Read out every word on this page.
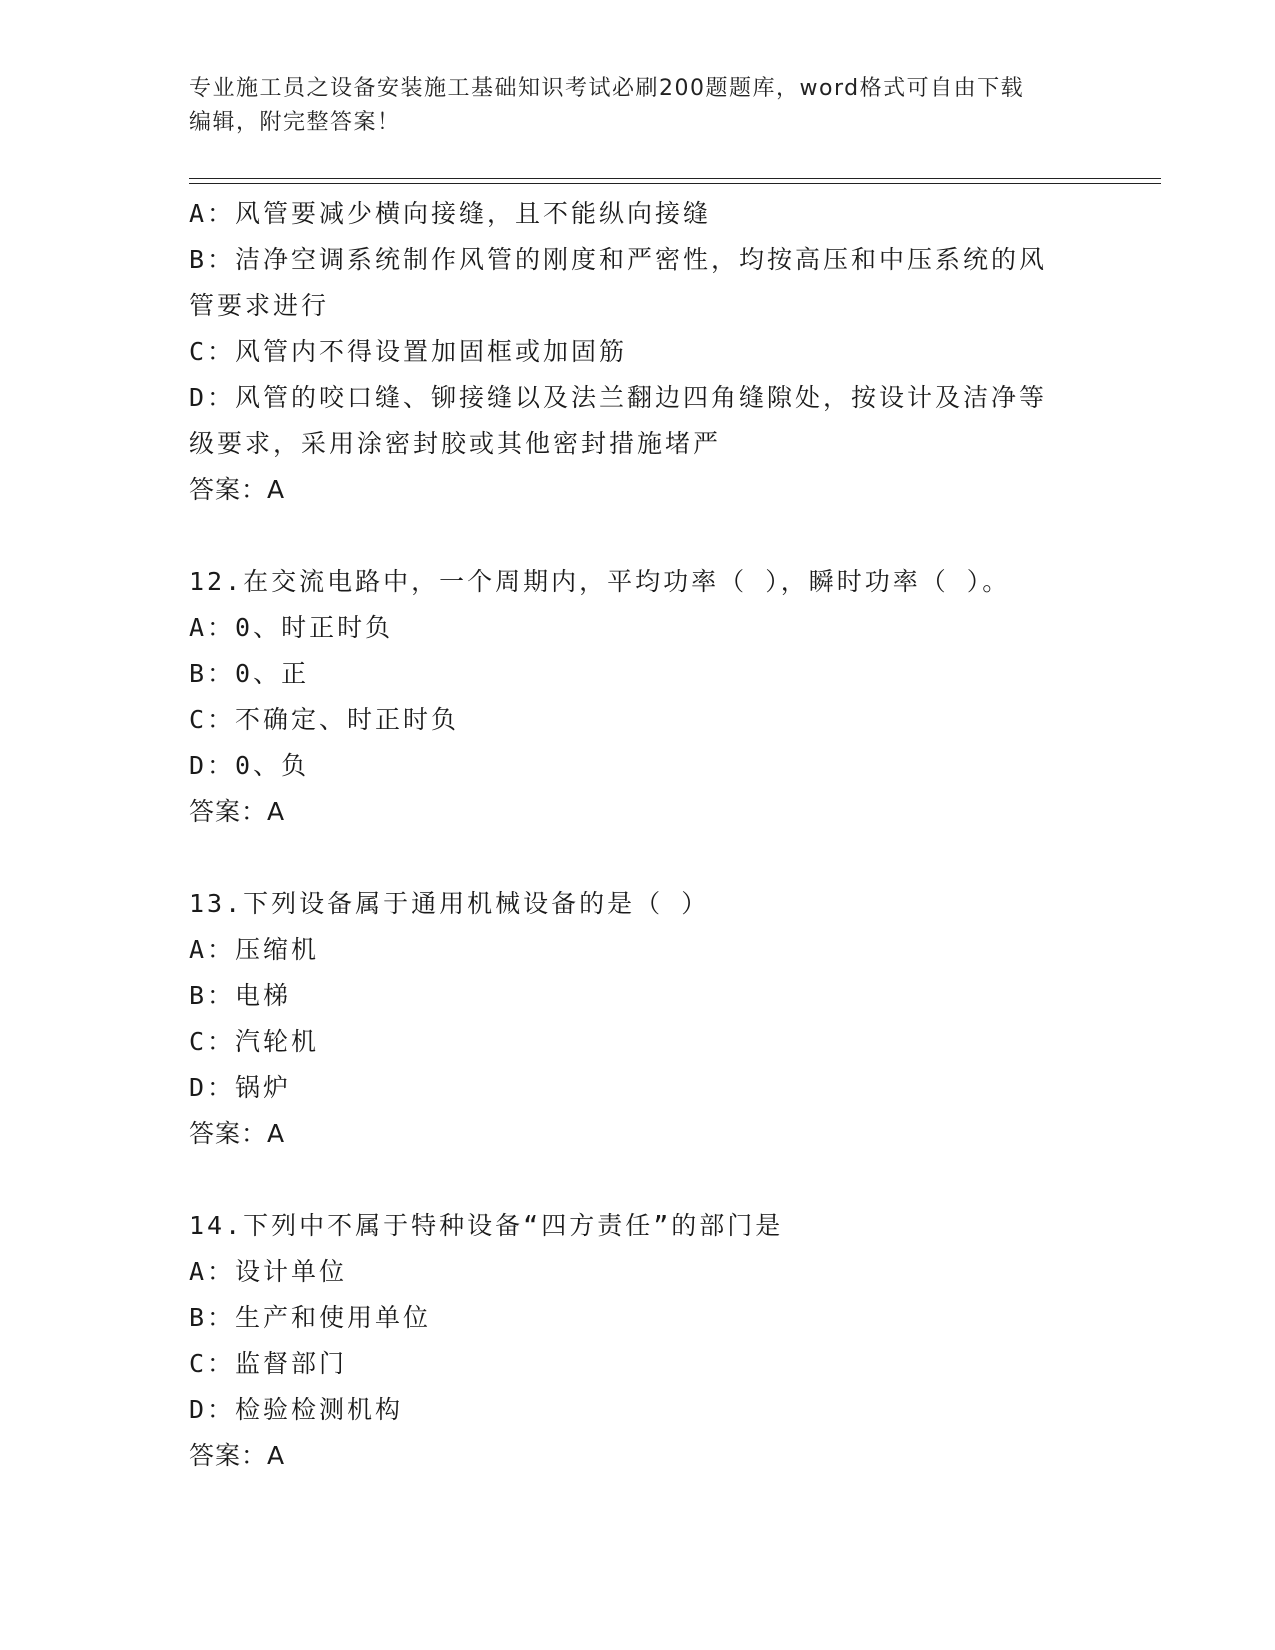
专业施工员之设备安装施工基础知识考试必刷200题题库，word格式可自由下载
编辑，附完整答案！
A：风管要减少横向接缝，且不能纵向接缝
B：洁净空调系统制作风管的刚度和严密性，均按高压和中压系统的风
管要求进行
C：风管内不得设置加固框或加固筋
D：风管的咬口缝、铆接缝以及法兰翻边四角缝隙处，按设计及洁净等
级要求，采用涂密封胶或其他密封措施堵严
答案：A
12.在交流电路中，一个周期内，平均功率（ ），瞬时功率（ ）。
A：0、时正时负
B：0、正
C：不确定、时正时负
D：0、负
答案：A
13.下列设备属于通用机械设备的是（ ）
A：压缩机
B：电梯
C：汽轮机
D：锅炉
答案：A
14.下列中不属于特种设备“四方责任”的部门是
A：设计单位
B：生产和使用单位
C：监督部门
D：检验检测机构
答案：A
